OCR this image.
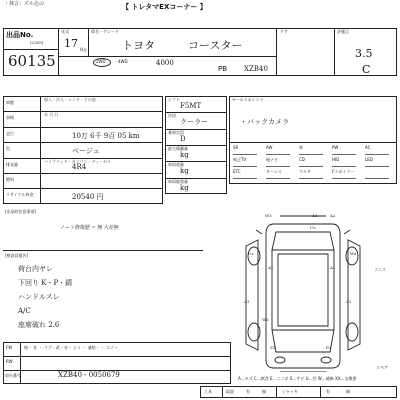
・抹言：ズル込の	【 トレタマEXコーナー 】
出品No.
(2355)
60135
年式
17 8 月
車名・グレード
トヨタ	コースター
ドア
2WD ・4WD	4000
PB XZB40
評価点
3.5
C
車歴
個人・法人・レンタ・その他
車検
年 月 日
走行	10万 6千 9百 05 km
色	ベージュ
排気量
ハイブリッド・ガソリン・ディーゼル
4R4
燃料
リサイクル料金	20540 円
シフト
F5MT
冷房
クーラー
乗車定員
D
最大積載量
kg
車両重量
kg
車両総重量
kg
セールスポイント
・バックカメラ
SR	AW	革	PW	AC
純正TV	純ナビ	CD	HID	LED
ETC	キーレス	マルチ	Fスポイラー
[出品時注意事項]
ノート修復歴 = 無 大差無
[検査員報告]
荷台内ヤレ
下回り K・P・錆
ハンドルスレ
A/C
座席破れ 2.6
W3	A1	A2
Uz	Wz
A1	A1
A1	A1
W2
S1	P2
Uz
ソニス
FW	純・ 社 ・ ラブ・改・ガ・ シミ ・ 凍結・ ・ スノー
RW
車台番号	XZB40 - 0050679	A…キズ C…腐食 E…ニコボ S…サビ U…凹 W…補修 XX…交換要
スペア
工具	取説	有	無	ジャッキ	有	無
